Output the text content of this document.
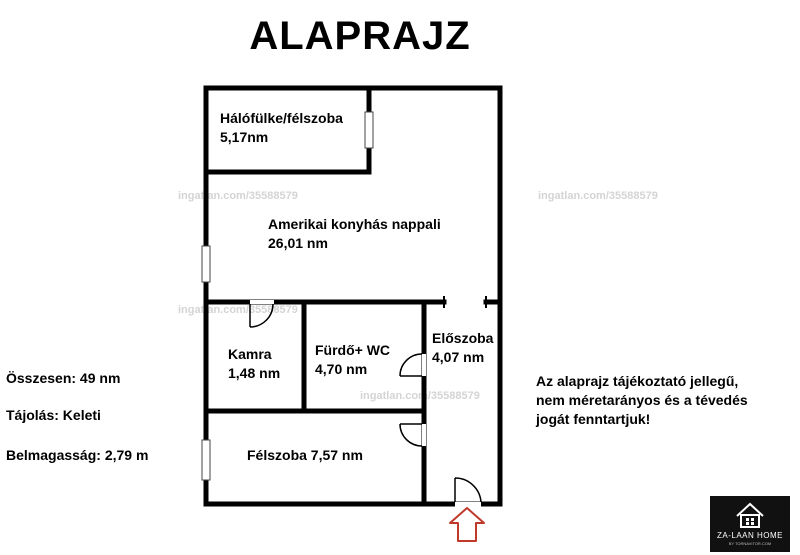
ALAPRAJZ
ingatlan.com/35588579	ingatlan.com/35588579
ingatlan.com/35588579
ingatlan.com/35588579
Hálófülke/félszoba
5,17nm
Amerikai konyhás nappali
26,01 nm
Kamra
1,48 nm
Fürdő+ WC
4,70 nm
Előszoba
4,07 nm
Félszoba 7,57 nm
Összesen: 49 nm
Tájolás: Keleti
Belmagasság: 2,79 m
Az alaprajz tájékoztató jellegű,
nem méretarányos és a tévedés
jogát fenntartjuk!
ZA-LAAN HOME
BY TORNAVITOR.COM
